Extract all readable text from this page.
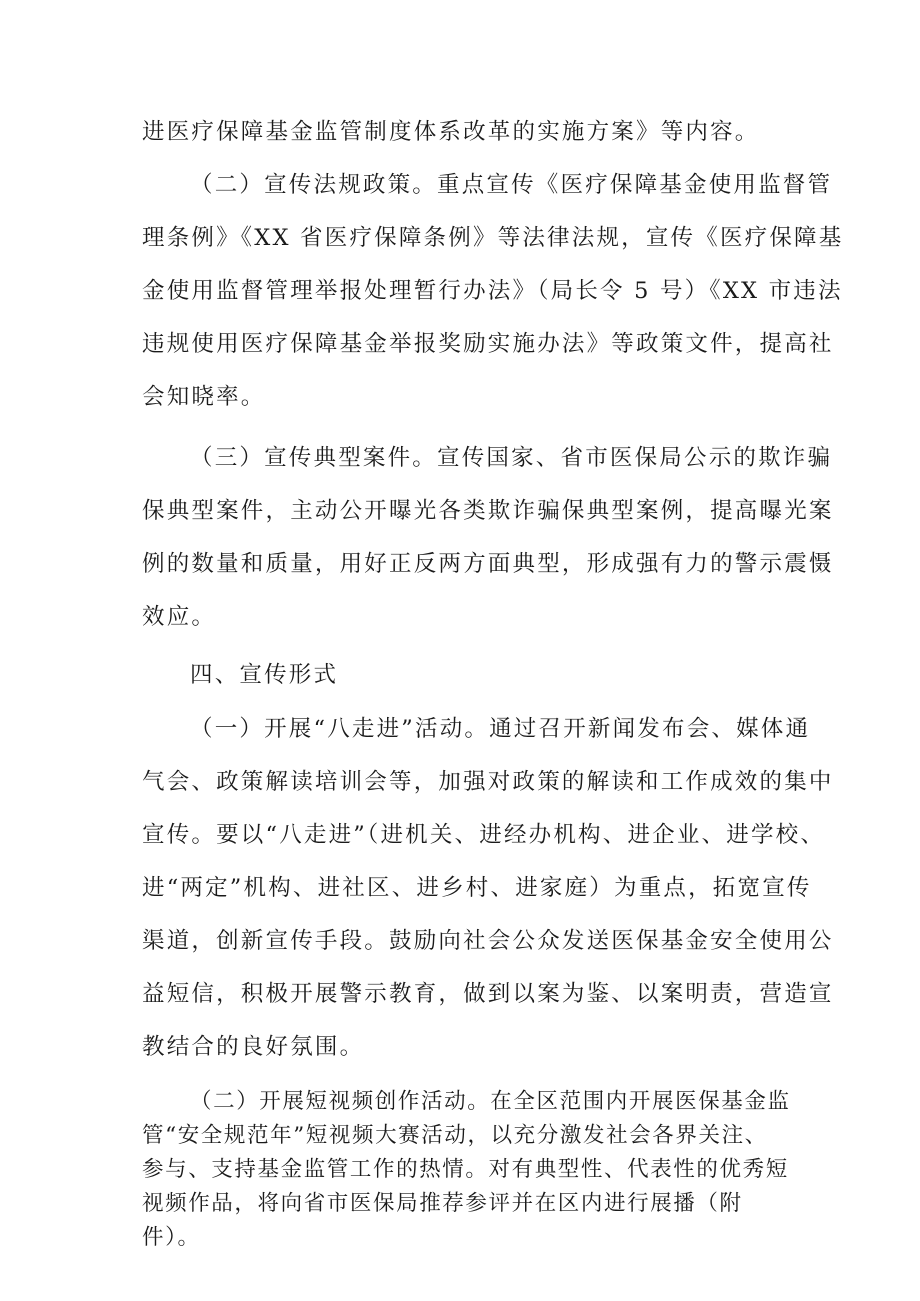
进医疗保障基金监管制度体系改革的实施方案》等内容。
（二）宣传法规政策。重点宣传《医疗保障基金使用监督管
理条例》《XX 省医疗保障条例》等法律法规，宣传《医疗保障基
金使用监督管理举报处理暂行办法》（局长令 5 号）《XX 市违法
违规使用医疗保障基金举报奖励实施办法》等政策文件，提高社
会知晓率。
（三）宣传典型案件。宣传国家、省市医保局公示的欺诈骗
保典型案件，主动公开曝光各类欺诈骗保典型案例，提高曝光案
例的数量和质量，用好正反两方面典型，形成强有力的警示震慑
效应。
四、宣传形式
（一）开展“八走进”活动。通过召开新闻发布会、媒体通
气会、政策解读培训会等，加强对政策的解读和工作成效的集中
宣传。要以“八走进”（进机关、进经办机构、进企业、进学校、
进“两定”机构、进社区、进乡村、进家庭）为重点，拓宽宣传
渠道，创新宣传手段。鼓励向社会公众发送医保基金安全使用公
益短信，积极开展警示教育，做到以案为鉴、以案明责，营造宣
教结合的良好氛围。
（二）开展短视频创作活动。在全区范围内开展医保基金监
管“安全规范年”短视频大赛活动，以充分激发社会各界关注、
参与、支持基金监管工作的热情。对有典型性、代表性的优秀短
视频作品，将向省市医保局推荐参评并在区内进行展播（附
件）。
